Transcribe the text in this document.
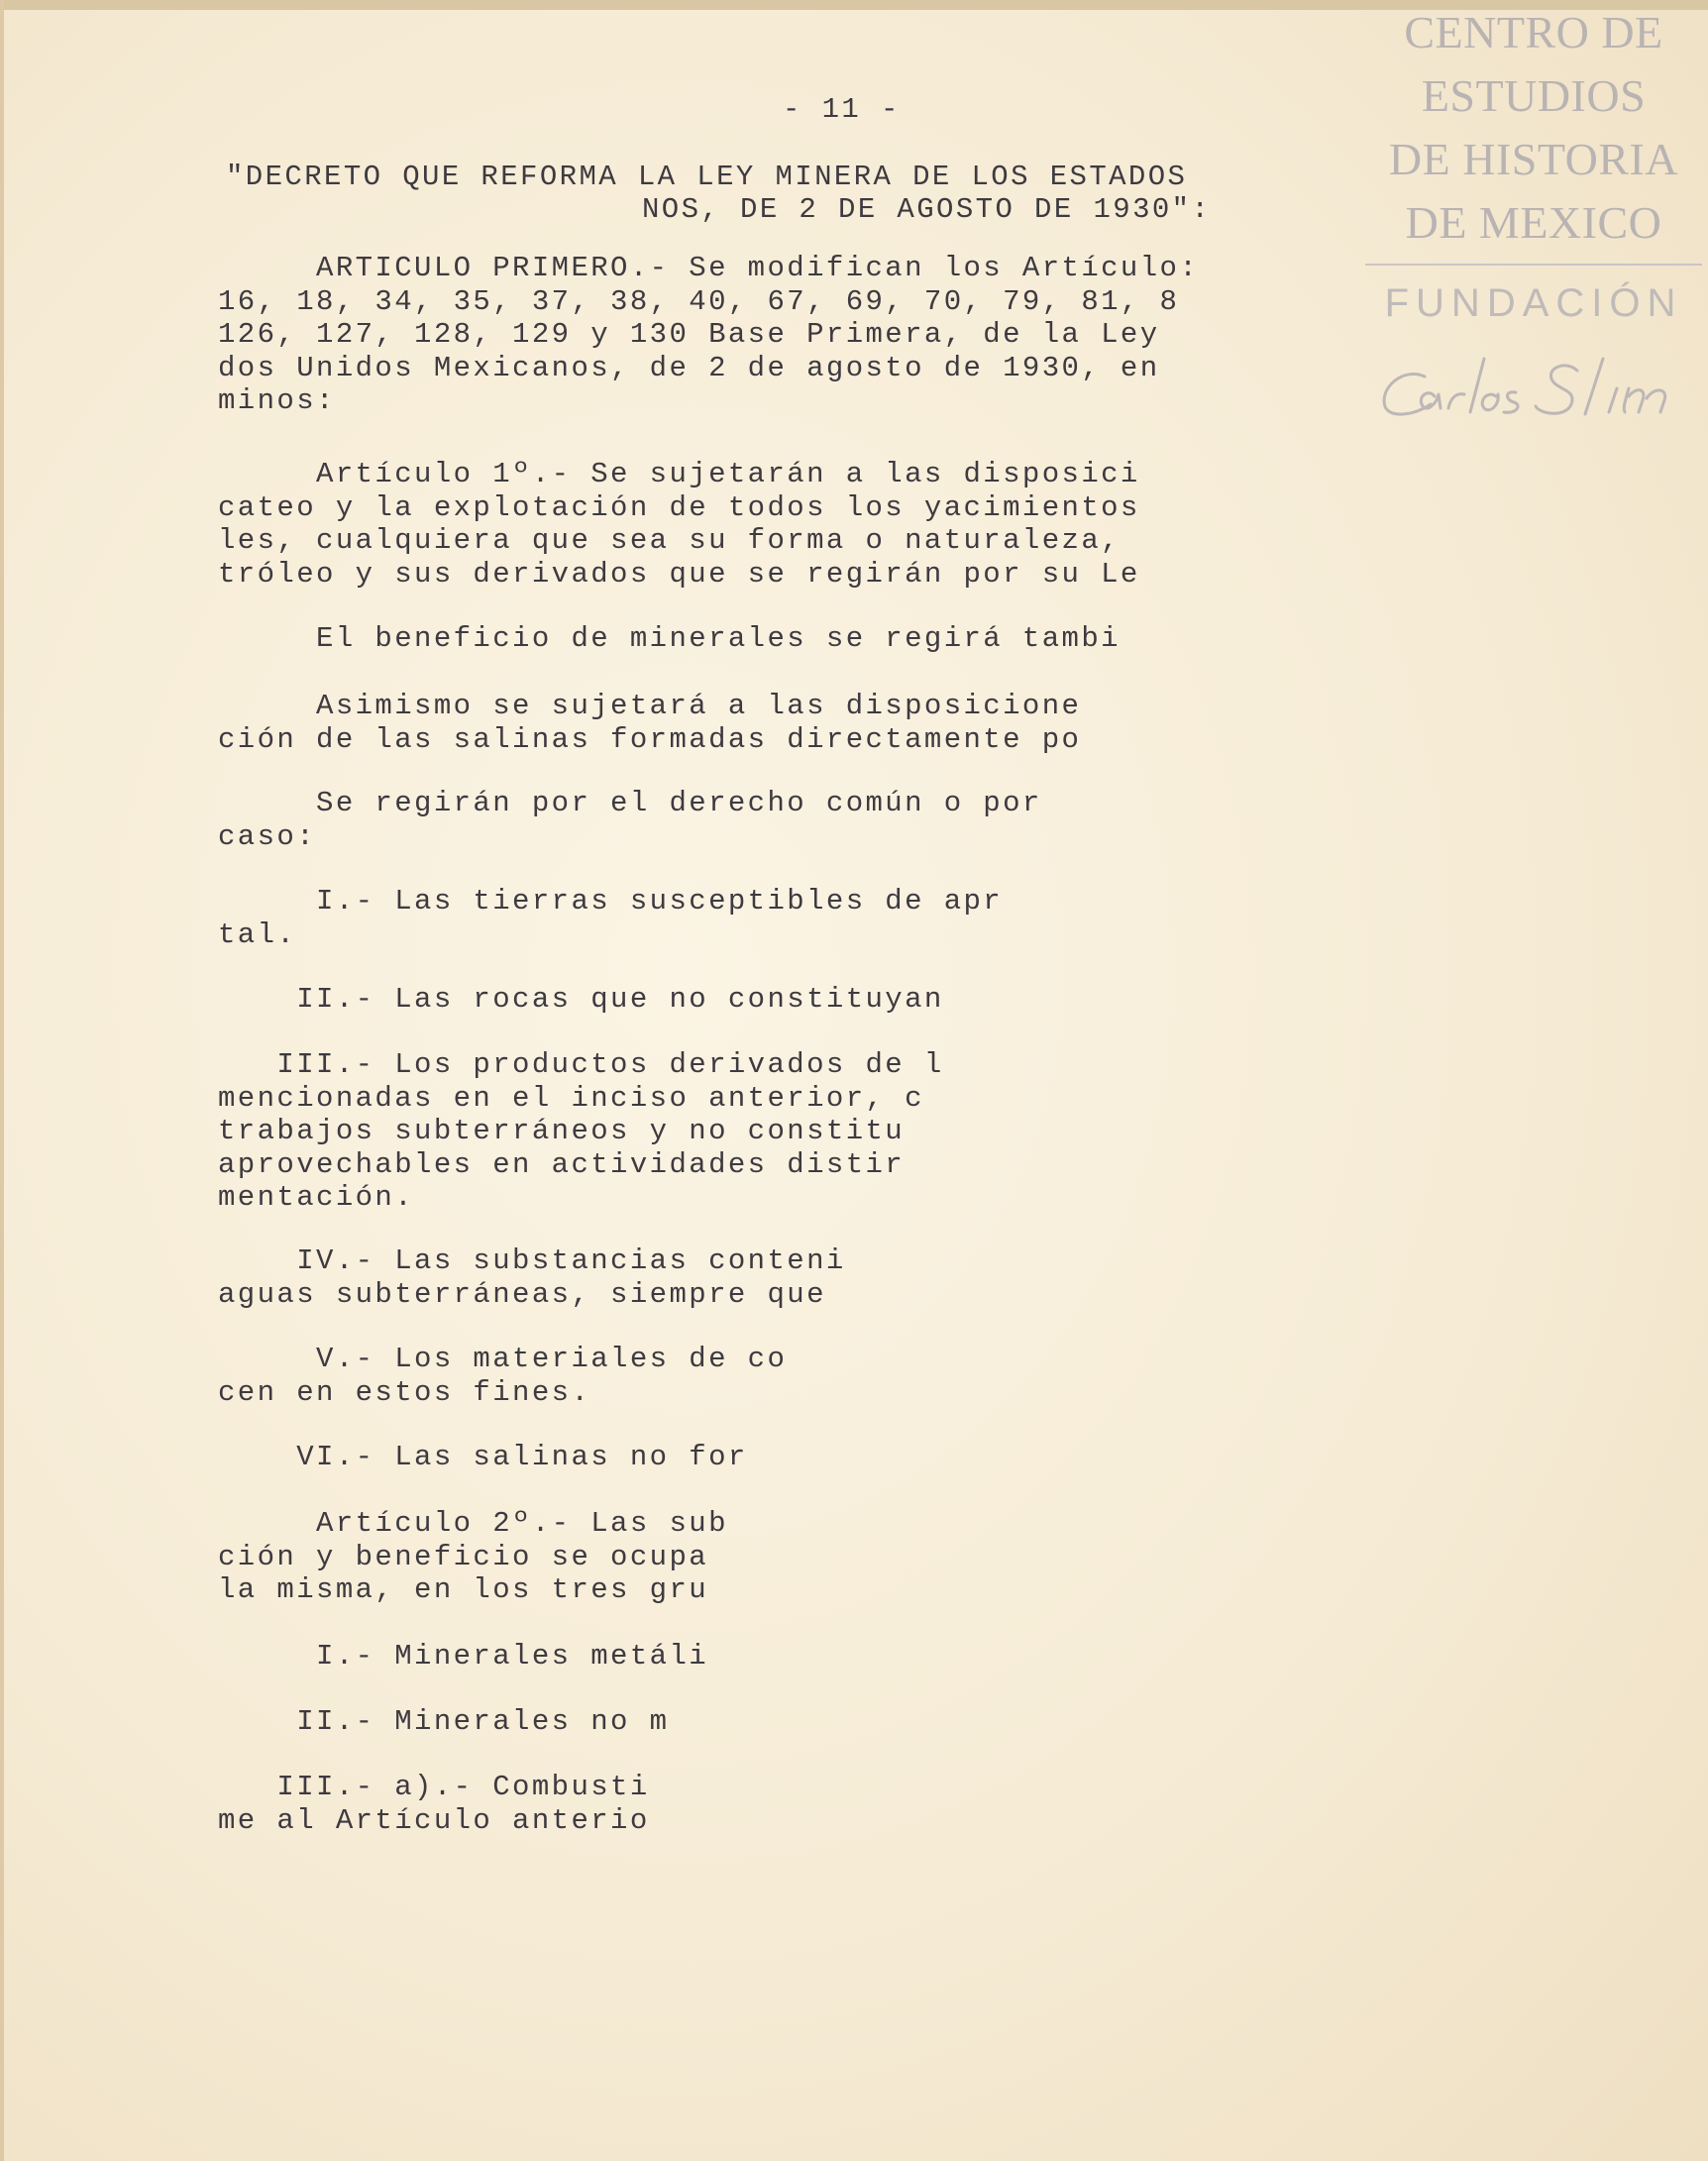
- 11 -
"DECRETO QUE REFORMA LA LEY MINERA DE LOS ESTADOS
NOS, DE 2 DE AGOSTO DE 1930":
ARTICULO PRIMERO.- Se modifican los Artículo:
16, 18, 34, 35, 37, 38, 40, 67, 69, 70, 79, 81, 8
126, 127, 128, 129 y 130 Base Primera, de la Ley
dos Unidos Mexicanos, de 2 de agosto de 1930, en
minos:
Artículo 1º.- Se sujetarán a las disposici
cateo y la explotación de todos los yacimientos
les, cualquiera que sea su forma o naturaleza,
tróleo y sus derivados que se regirán por su Le
El beneficio de minerales se regirá tambi
Asimismo se sujetará a las disposicione
ción de las salinas formadas directamente po
Se regirán por el derecho común o por
caso:
I.- Las tierras susceptibles de apr
tal.
II.- Las rocas que no constituyan
III.- Los productos derivados de l
mencionadas en el inciso anterior, c
trabajos subterráneos y no constitu
aprovechables en actividades distir
mentación.
IV.- Las substancias conteni
aguas subterráneas, siempre que
V.- Los materiales de co
cen en estos fines.
VI.- Las salinas no for
Artículo 2º.- Las sub
ción y beneficio se ocupa
la misma, en los tres gru
I.- Minerales metáli
II.- Minerales no m
III.- a).- Combusti
me al Artículo anterio
CENTRO DE
ESTUDIOS
DE HISTORIA
DE MEXICO
FUNDACIÓN
